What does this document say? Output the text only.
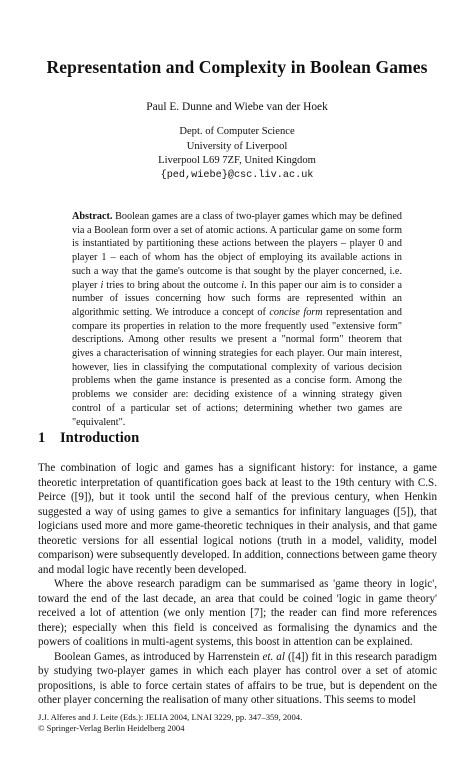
Representation and Complexity in Boolean Games
Paul E. Dunne and Wiebe van der Hoek
Dept. of Computer Science
University of Liverpool
Liverpool L69 7ZF, United Kingdom
{ped,wiebe}@csc.liv.ac.uk
Abstract. Boolean games are a class of two-player games which may be defined via a Boolean form over a set of atomic actions. A particular game on some form is instantiated by partitioning these actions between the players – player 0 and player 1 – each of whom has the object of employing its available actions in such a way that the game's outcome is that sought by the player concerned, i.e. player i tries to bring about the outcome i. In this paper our aim is to consider a number of issues concerning how such forms are represented within an algorithmic setting. We introduce a concept of concise form representation and compare its properties in relation to the more frequently used "extensive form" descriptions. Among other results we present a "normal form" theorem that gives a characterisation of winning strategies for each player. Our main interest, however, lies in classifying the computational complexity of various decision problems when the game instance is presented as a concise form. Among the problems we consider are: deciding existence of a winning strategy given control of a particular set of actions; determining whether two games are "equivalent".
1 Introduction

The combination of logic and games has a significant history: for instance, a game theoretic interpretation of quantification goes back at least to the 19th century with C.S. Peirce ([9]), but it took until the second half of the previous century, when Henkin suggested a way of using games to give a semantics for infinitary languages ([5]), that logicians used more and more game-theoretic techniques in their analysis, and that game theoretic versions for all essential logical notions (truth in a model, validity, model comparison) were subsequently developed. In addition, connections between game theory and modal logic have recently been developed.

Where the above research paradigm can be summarised as 'game theory in logic', toward the end of the last decade, an area that could be coined 'logic in game theory' received a lot of attention (we only mention [7]; the reader can find more references there); especially when this field is conceived as formalising the dynamics and the powers of coalitions in multi-agent systems, this boost in attention can be explained.

Boolean Games, as introduced by Harrenstein et. al ([4]) fit in this research paradigm by studying two-player games in which each player has control over a set of atomic propositions, is able to force certain states of affairs to be true, but is dependent on the other player concerning the realisation of many other situations. This seems to model

J.J. Alferes and J. Leite (Eds.): JELIA 2004, LNAI 3229, pp. 347–359, 2004.
© Springer-Verlag Berlin Heidelberg 2004
